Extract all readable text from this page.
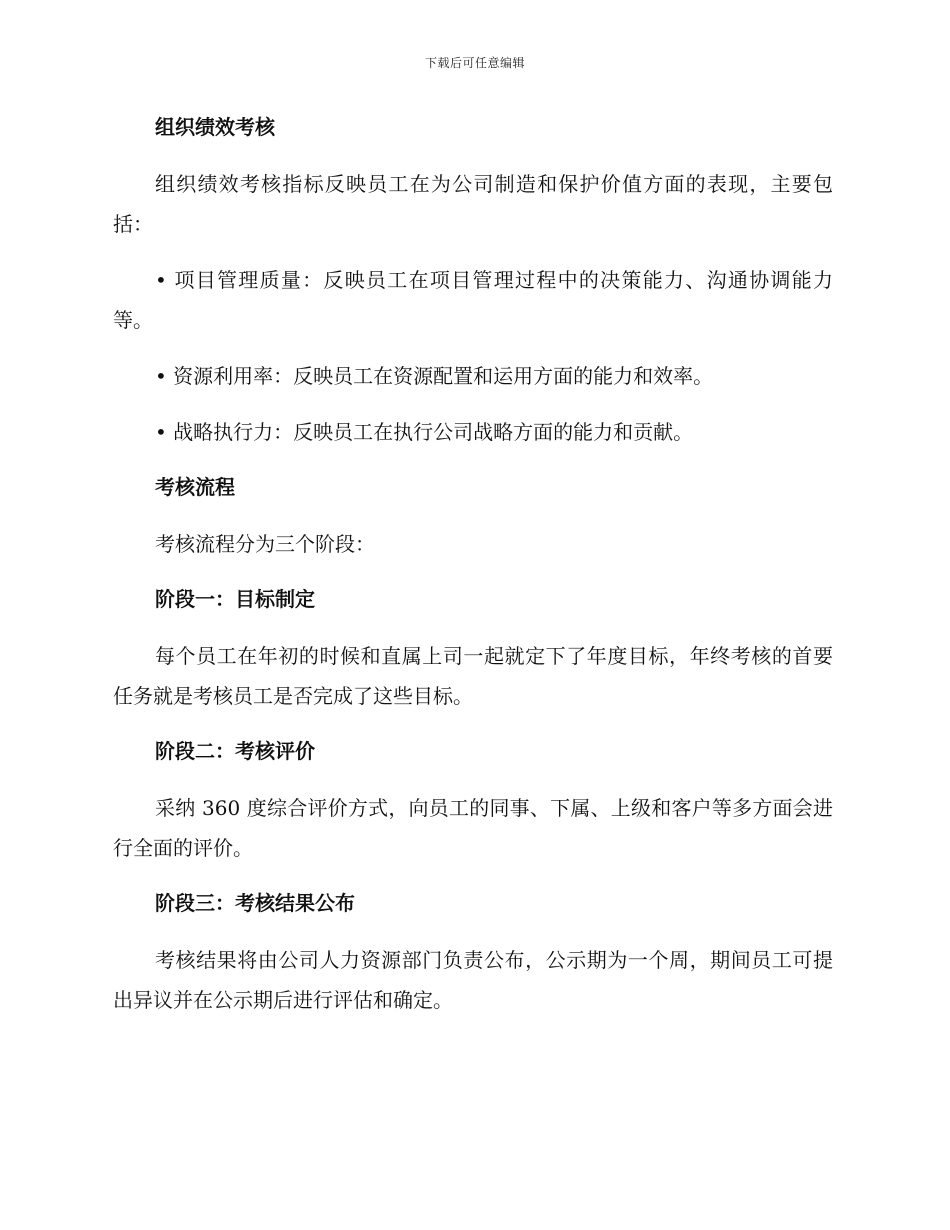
下载后可任意编辑

组织绩效考核

组织绩效考核指标反映员工在为公司制造和保护价值方面的表现，主要包括：

• 项目管理质量：反映员工在项目管理过程中的决策能力、沟通协调能力等。

• 资源利用率：反映员工在资源配置和运用方面的能力和效率。

• 战略执行力：反映员工在执行公司战略方面的能力和贡献。

考核流程

考核流程分为三个阶段：

阶段一：目标制定

每个员工在年初的时候和直属上司一起就定下了年度目标，年终考核的首要任务就是考核员工是否完成了这些目标。

阶段二：考核评价

采纳 360 度综合评价方式，向员工的同事、下属、上级和客户等多方面会进行全面的评价。

阶段三：考核结果公布

考核结果将由公司人力资源部门负责公布，公示期为一个周，期间员工可提出异议并在公示期后进行评估和确定。
